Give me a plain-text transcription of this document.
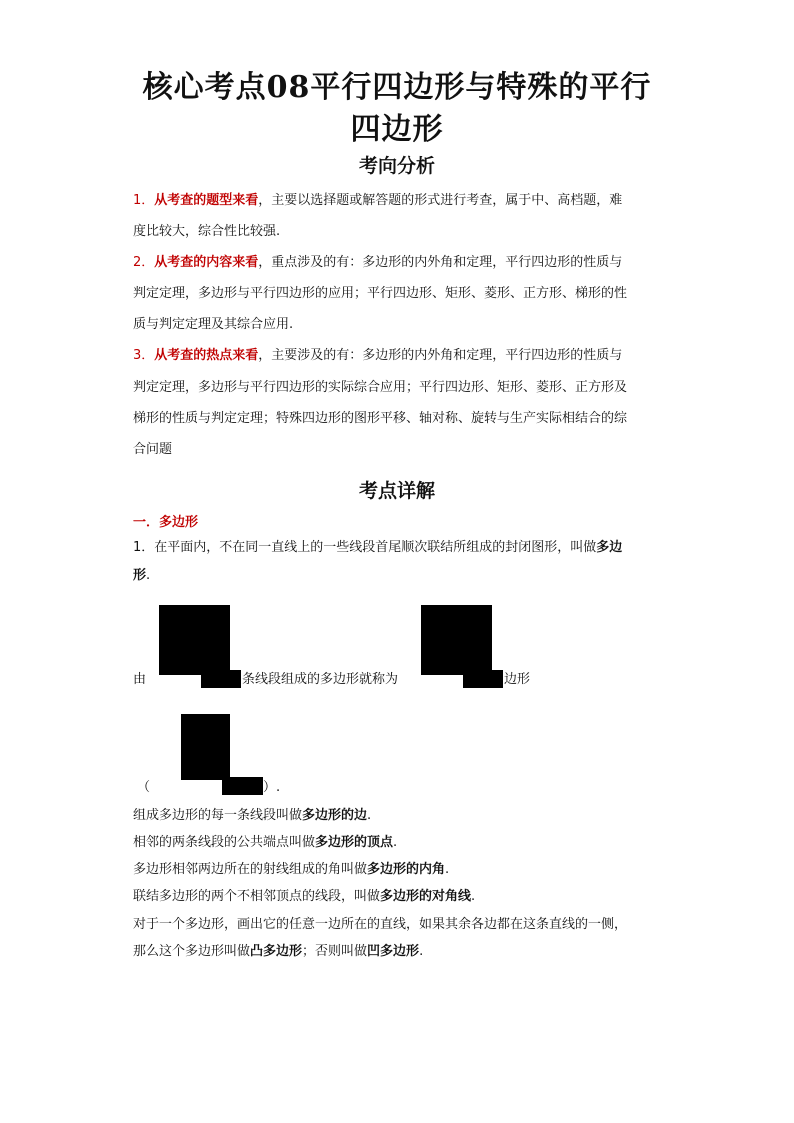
核心考点08平行四边形与特殊的平行
四边形
考向分析
1．从考查的题型来看，主要以选择题或解答题的形式进行考查，属于中、高档题，难
度比较大，综合性比较强.
2．从考查的内容来看，重点涉及的有：多边形的内外角和定理，平行四边形的性质与
判定定理，多边形与平行四边形的应用；平行四边形、矩形、菱形、正方形、梯形的性
质与判定定理及其综合应用.
3．从考查的热点来看，主要涉及的有：多边形的内外角和定理，平行四边形的性质与
判定定理，多边形与平行四边形的实际综合应用；平行四边形、矩形、菱形、正方形及
梯形的性质与判定定理；特殊四边形的图形平移、轴对称、旋转与生产实际相结合的综
合问题
考点详解
一．多边形
1．在平面内，不在同一直线上的一些线段首尾顺次联结所组成的封闭图形，叫做多边
形.
由	条线段组成的多边形就称为	边形
（	）.
组成多边形的每一条线段叫做多边形的边.
相邻的两条线段的公共端点叫做多边形的顶点.
多边形相邻两边所在的射线组成的角叫做多边形的内角.
联结多边形的两个不相邻顶点的线段，叫做多边形的对角线.
对于一个多边形，画出它的任意一边所在的直线，如果其余各边都在这条直线的一侧，
那么这个多边形叫做凸多边形；否则叫做凹多边形.
